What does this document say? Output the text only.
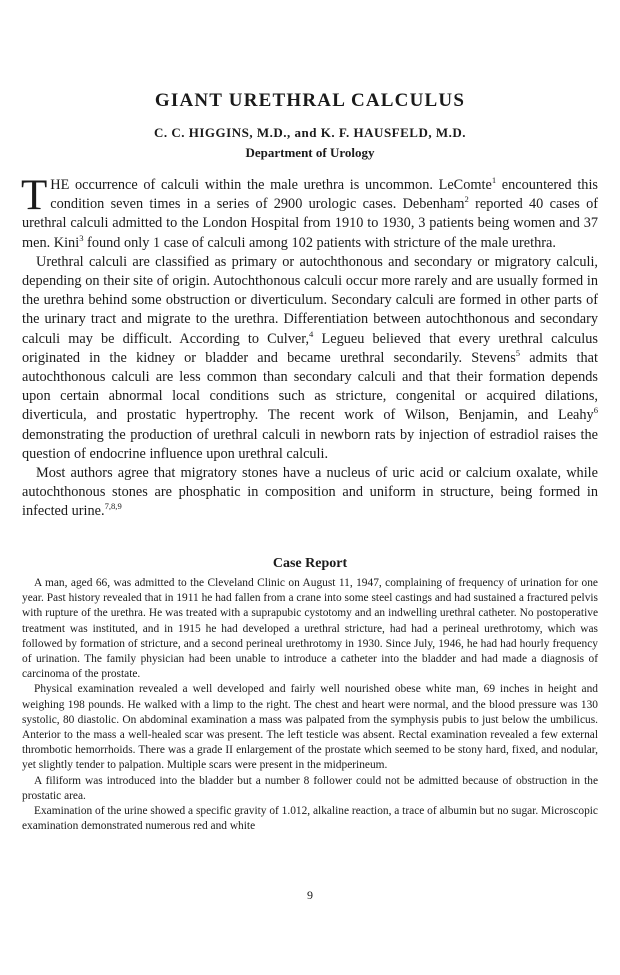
GIANT URETHRAL CALCULUS
C. C. HIGGINS, M.D., and K. F. HAUSFELD, M.D.
Department of Urology

THE occurrence of calculi within the male urethra is uncommon. LeComte$^1$ encountered this condition seven times in a series of 2900 urologic cases. Debenham$^2$ reported 40 cases of urethral calculi admitted to the London Hospital from 1910 to 1930, 3 patients being women and 37 men. Kini$^3$ found only 1 case of calculi among 102 patients with stricture of the male urethra.

Urethral calculi are classified as primary or autochthonous and secondary or migratory calculi, depending on their site of origin. Autochthonous calculi occur more rarely and are usually formed in the urethra behind some obstruction or diverticulum. Secondary calculi are formed in other parts of the urinary tract and migrate to the urethra. Differentiation between autochthonous and secondary calculi may be difficult. According to Culver,$^4$ Legueu believed that every urethral calculus originated in the kidney or bladder and became urethral secondarily. Stevens$^5$ admits that autochthonous calculi are less common than secondary calculi and that their formation depends upon certain abnormal local conditions such as stricture, congenital or acquired dilations, diverticula, and prostatic hypertrophy. The recent work of Wilson, Benjamin, and Leahy$^6$ demonstrating the production of urethral calculi in newborn rats by injection of estradiol raises the question of endocrine influence upon urethral calculi.

Most authors agree that migratory stones have a nucleus of uric acid or calcium oxalate, while autochthonous stones are phosphatic in composition and uniform in structure, being formed in infected urine.$^{7,8,9}$

Case Report

A man, aged 66, was admitted to the Cleveland Clinic on August 11, 1947, complaining of frequency of urination for one year. Past history revealed that in 1911 he had fallen from a crane into some steel castings and had sustained a fractured pelvis with rupture of the urethra. He was treated with a suprapubic cystotomy and an indwelling urethral catheter. No postoperative treatment was instituted, and in 1915 he had developed a urethral stricture, had had a perineal urethrotomy, which was followed by formation of stricture, and a second perineal urethrotomy in 1930. Since July, 1946, he had had hourly frequency of urination. The family physician had been unable to introduce a catheter into the bladder and had made a diagnosis of carcinoma of the prostate.

Physical examination revealed a well developed and fairly well nourished obese white man, 69 inches in height and weighing 198 pounds. He walked with a limp to the right. The chest and heart were normal, and the blood pressure was 130 systolic, 80 diastolic. On abdominal examination a mass was palpated from the symphysis pubis to just below the umbilicus. Anterior to the mass a well-healed scar was present. The left testicle was absent. Rectal examination revealed a few external thrombotic hemorrhoids. There was a grade II enlargement of the prostate which seemed to be stony hard, fixed, and nodular, yet slightly tender to palpation. Multiple scars were present in the midperineum.

A filiform was introduced into the bladder but a number 8 follower could not be admitted because of obstruction in the prostatic area.

Examination of the urine showed a specific gravity of 1.012, alkaline reaction, a trace of albumin but no sugar. Microscopic examination demonstrated numerous red and white

9
